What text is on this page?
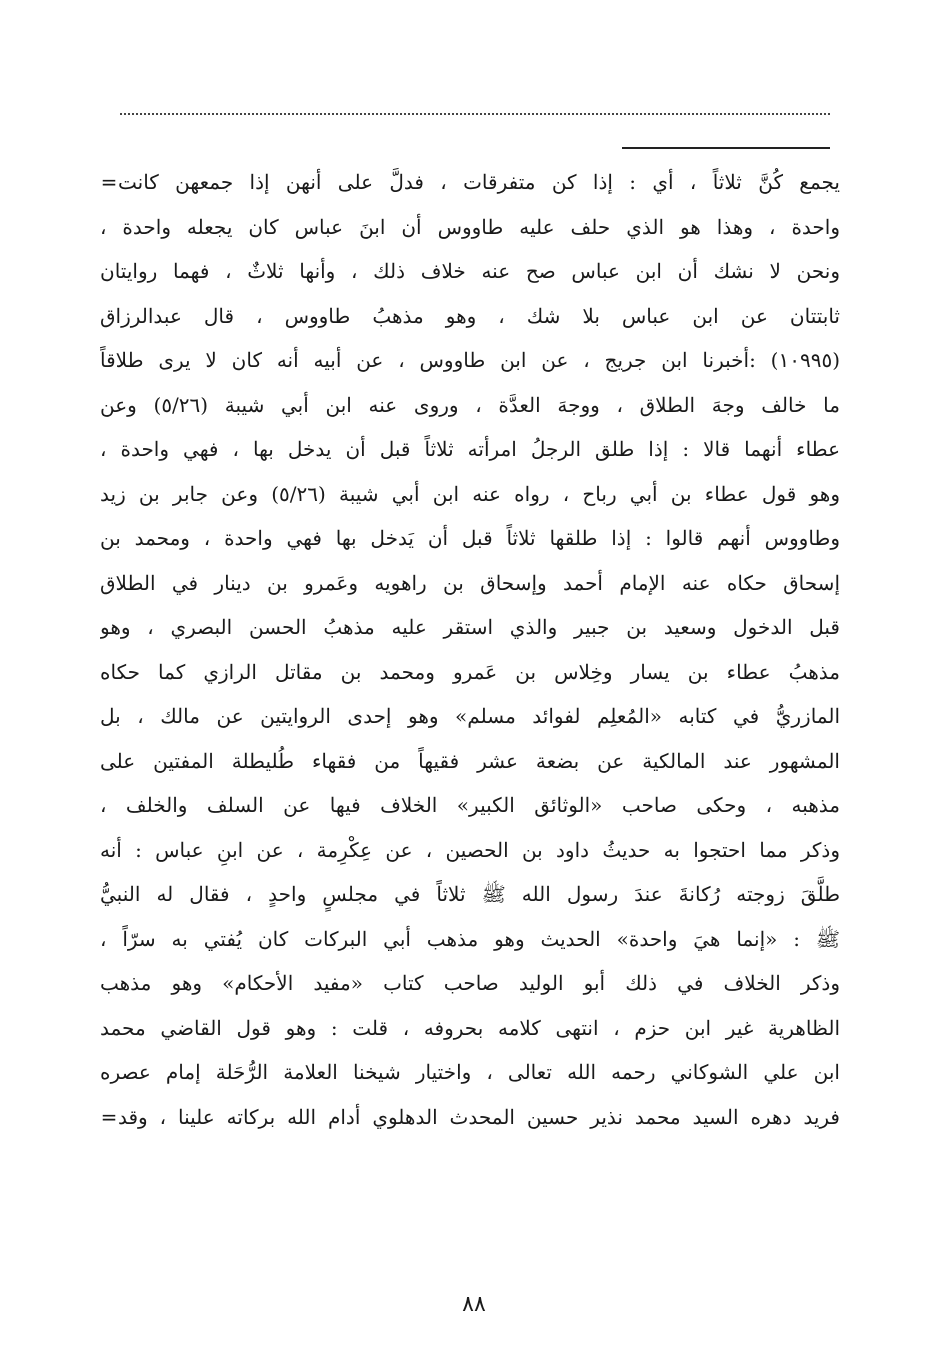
يجمع كُنَّ ثلاثاً ، أي : إذا كن متفرقات ، فدلَّ على أنهن إذا جمعهن كانت
=
واحدة ، وهذا هو الذي حلف عليه طاووس أن ابنَ عباس كان يجعله واحدة ،
ونحن لا نشك أن ابن عباس صح عنه خلاف ذلك ، وأنها ثلاثٌ ، فهما روايتان
ثابتتان عن ابن عباس بلا شك ، وهو مذهبُ طاووس ، قال عبدالرزاق
(١٠٩٩٥) :أخبرنا ابن جريج ، عن ابن طاووس ، عن أبيه أنه كان لا يرى طلاقاً
ما خالف وجهَ الطلاق ، ووجهَ العدَّة ، وروى عنه ابن أبي شيبة (٥/٢٦) وعن
عطاء أنهما قالا : إذا طلق الرجلُ امرأته ثلاثاً قبل أن يدخل بها ، فهي واحدة ،
وهو قول عطاء بن أبي رباح ، رواه عنه ابن أبي شيبة (٥/٢٦) وعن جابر بن زيد
وطاووس أنهم قالوا : إذا طلقها ثلاثاً قبل أن يَدخل بها فهي واحدة ، ومحمد بن
إسحاق حكاه عنه الإمام أحمد وإسحاق بن راهويه وعَمرو بن دينار في الطلاق
قبل الدخول وسعيد بن جبير والذي استقر عليه مذهبُ الحسن البصري ، وهو
مذهبُ عطاء بن يسار وخِلاس بن عَمرو ومحمد بن مقاتل الرازي كما حكاه
المازريُّ في كتابه «المُعلِم لفوائد مسلم» وهو إحدى الروايتين عن مالك ، بل
المشهور عند المالكية عن بضعة عشر فقيهاً من فقهاء طُليطلة المفتين على
مذهبه ، وحكى صاحب «الوثائق الكبير» الخلاف فيها عن السلف والخلف ،
وذكر مما احتجوا به حديثُ داود بن الحصين ، عن عِكْرِمة ، عن ابنِ عباس : أنه
طلَّقَ زوجته رُكانةَ عندَ رسول الله ﷺ ثلاثاً في مجلسٍ واحدٍ ، فقال له النبيُّ
ﷺ : «إنما هيَ واحدة» الحديث وهو مذهب أبي البركات كان يُفتي به سرّاً ،
وذكر الخلاف في ذلك أبو الوليد صاحب كتاب «مفيد الأحكام» وهو مذهب
الظاهرية غير ابن حزم ، انتهى كلامه بحروفه ، قلت : وهو قول القاضي محمد
ابن علي الشوكاني رحمه الله تعالى ، واختيار شيخنا العلامة الرُّحَلة إمام عصره
فريد دهره السيد محمد نذير حسين المحدث الدهلوي أدام الله بركاته علينا ، وقد
=
٨٨
